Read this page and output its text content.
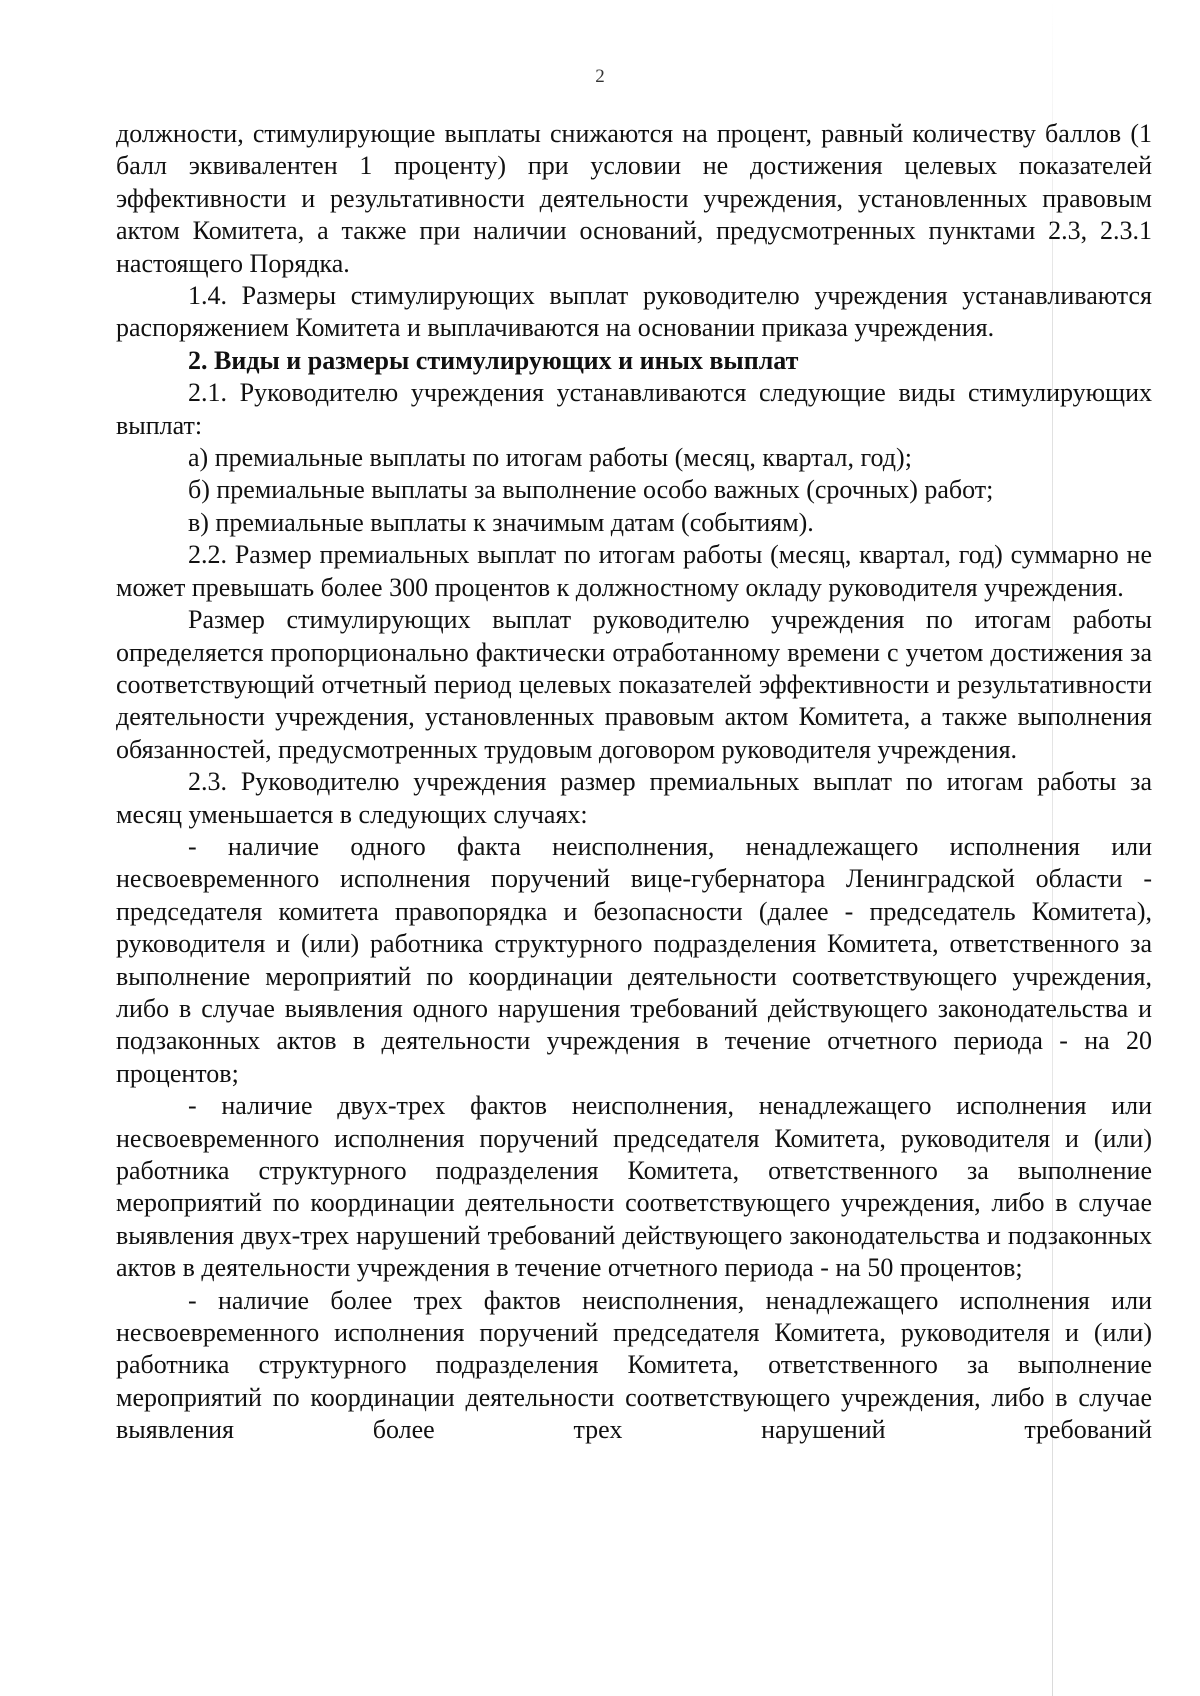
2

должности, стимулирующие выплаты снижаются на процент, равный количеству баллов (1 балл эквивалентен 1 проценту) при условии не достижения целевых показателей эффективности и результативности деятельности учреждения, установленных правовым актом Комитета, а также при наличии оснований, предусмотренных пунктами 2.3, 2.3.1 настоящего Порядка.

1.4. Размеры стимулирующих выплат руководителю учреждения устанавливаются распоряжением Комитета и выплачиваются на основании приказа учреждения.

2. Виды и размеры стимулирующих и иных выплат

2.1. Руководителю учреждения устанавливаются следующие виды стимулирующих выплат:

а) премиальные выплаты по итогам работы (месяц, квартал, год);

б) премиальные выплаты за выполнение особо важных (срочных) работ;

в) премиальные выплаты к значимым датам (событиям).

2.2. Размер премиальных выплат по итогам работы (месяц, квартал, год) суммарно не может превышать более 300 процентов к должностному окладу руководителя учреждения.

Размер стимулирующих выплат руководителю учреждения по итогам работы определяется пропорционально фактически отработанному времени с учетом достижения за соответствующий отчетный период целевых показателей эффективности и результативности деятельности учреждения, установленных правовым актом Комитета, а также выполнения обязанностей, предусмотренных трудовым договором руководителя учреждения.

2.3. Руководителю учреждения размер премиальных выплат по итогам работы за месяц уменьшается в следующих случаях:

- наличие одного факта неисполнения, ненадлежащего исполнения или несвоевременного исполнения поручений вице-губернатора Ленинградской области - председателя комитета правопорядка и безопасности (далее - председатель Комитета), руководителя и (или) работника структурного подразделения Комитета, ответственного за выполнение мероприятий по координации деятельности соответствующего учреждения, либо в случае выявления одного нарушения требований действующего законодательства и подзаконных актов в деятельности учреждения в течение отчетного периода - на 20 процентов;

- наличие двух-трех фактов неисполнения, ненадлежащего исполнения или несвоевременного исполнения поручений председателя Комитета, руководителя и (или) работника структурного подразделения Комитета, ответственного за выполнение мероприятий по координации деятельности соответствующего учреждения, либо в случае выявления двух-трех нарушений требований действующего законодательства и подзаконных актов в деятельности учреждения в течение отчетного периода - на 50 процентов;

- наличие более трех фактов неисполнения, ненадлежащего исполнения или несвоевременного исполнения поручений председателя Комитета, руководителя и (или) работника структурного подразделения Комитета, ответственного за выполнение мероприятий по координации деятельности соответствующего учреждения, либо в случае выявления более трех нарушений требований
